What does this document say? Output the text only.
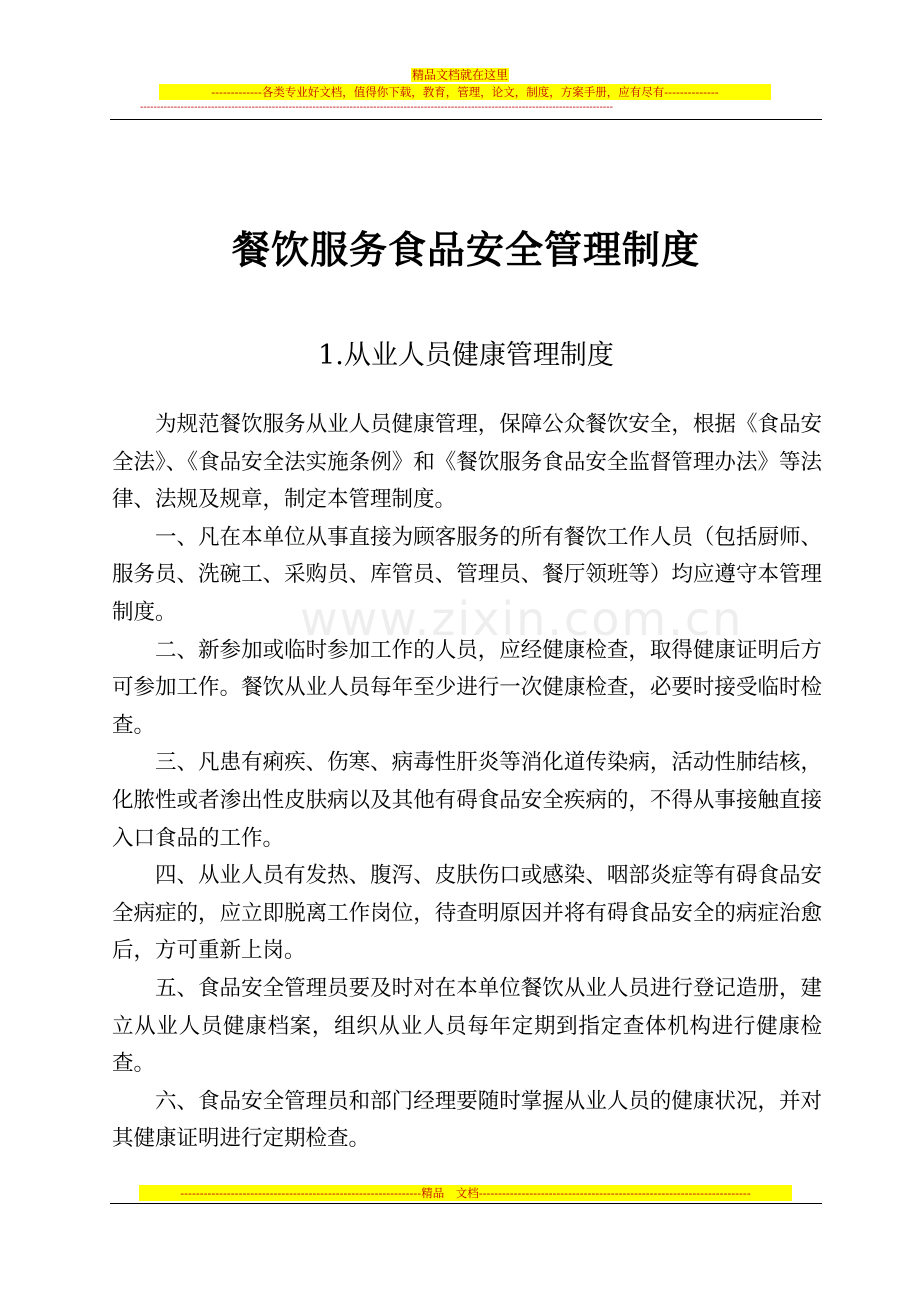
精品文档就在这里
-------------各类专业好文档，值得你下载，教育，管理，论文，制度，方案手册，应有尽有--------------
--------------------------------------------------------------------------------------------------------------------------------------------
www.zixin.com.cn
餐饮服务食品安全管理制度
1.从业人员健康管理制度

为规范餐饮服务从业人员健康管理，保障公众餐饮安全，根据《食品安全法》、《食品安全法实施条例》和《餐饮服务食品安全监督管理办法》等法律、法规及规章，制定本管理制度。

一、凡在本单位从事直接为顾客服务的所有餐饮工作人员（包括厨师、服务员、洗碗工、采购员、库管员、管理员、餐厅领班等）均应遵守本管理制度。

二、新参加或临时参加工作的人员，应经健康检查，取得健康证明后方可参加工作。餐饮从业人员每年至少进行一次健康检查，必要时接受临时检查。

三、凡患有痢疾、伤寒、病毒性肝炎等消化道传染病，活动性肺结核，化脓性或者渗出性皮肤病以及其他有碍食品安全疾病的，不得从事接触直接入口食品的工作。

四、从业人员有发热、腹泻、皮肤伤口或感染、咽部炎症等有碍食品安全病症的，应立即脱离工作岗位，待查明原因并将有碍食品安全的病症治愈后，方可重新上岗。

五、食品安全管理员要及时对在本单位餐饮从业人员进行登记造册，建立从业人员健康档案，组织从业人员每年定期到指定查体机构进行健康检查。

六、食品安全管理员和部门经理要随时掌握从业人员的健康状况，并对其健康证明进行定期检查。

--------------------------------------------------------------精品　文档----------------------------------------------------------------------
